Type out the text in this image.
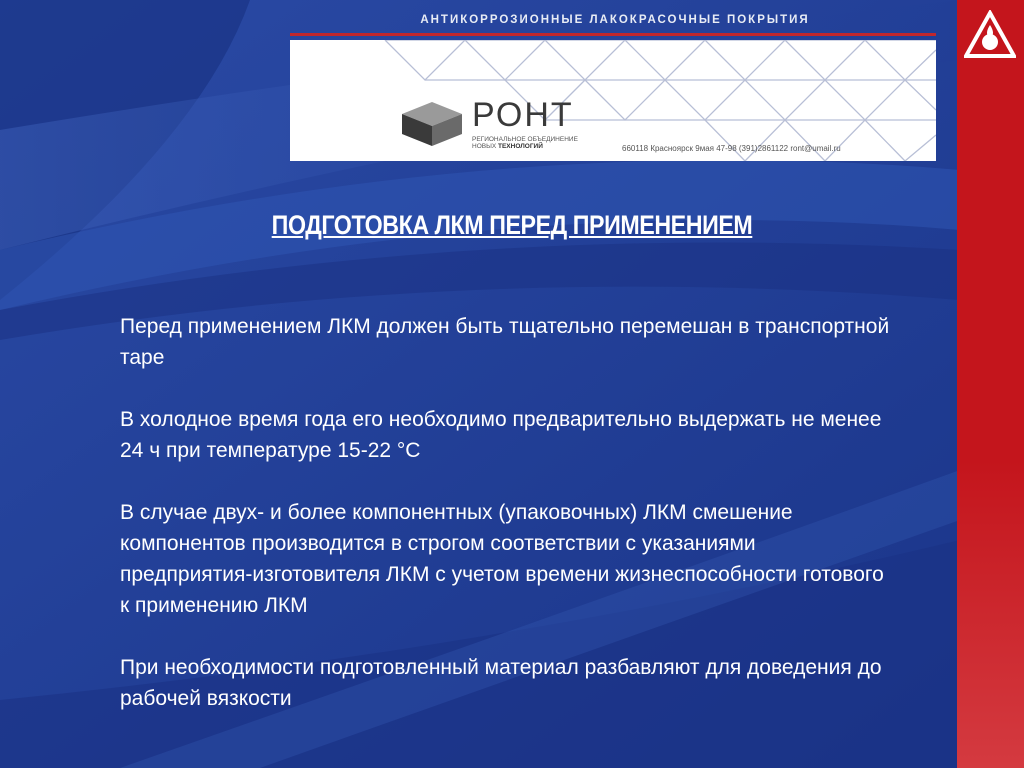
АНТИКОРРОЗИОННЫЕ ЛАКОКРАСОЧНЫЕ ПОКРЫТИЯ
РОНТ
РЕГИОНАЛЬНОЕ ОБЪЕДИНЕНИЕ
НОВЫХ ТЕХНОЛОГИЙ	660118 Красноярск 9мая 47-98 (391)2861122 ront@umail.ru
ПОДГОТОВКА ЛКМ ПЕРЕД ПРИМЕНЕНИЕМ

Перед применением ЛКМ должен быть тщательно перемешан в транспортной таре

В холодное время года его необходимо предварительно выдержать не менее 24 ч при температуре 15-22 °С

В случае двух- и более компонентных (упаковочных) ЛКМ смешение компонентов производится в строгом соответствии с указаниями предприятия-изготовителя ЛКМ с учетом времени жизнеспособности готового к применению ЛКМ

При необходимости подготовленный материал разбавляют для доведения до рабочей вязкости
